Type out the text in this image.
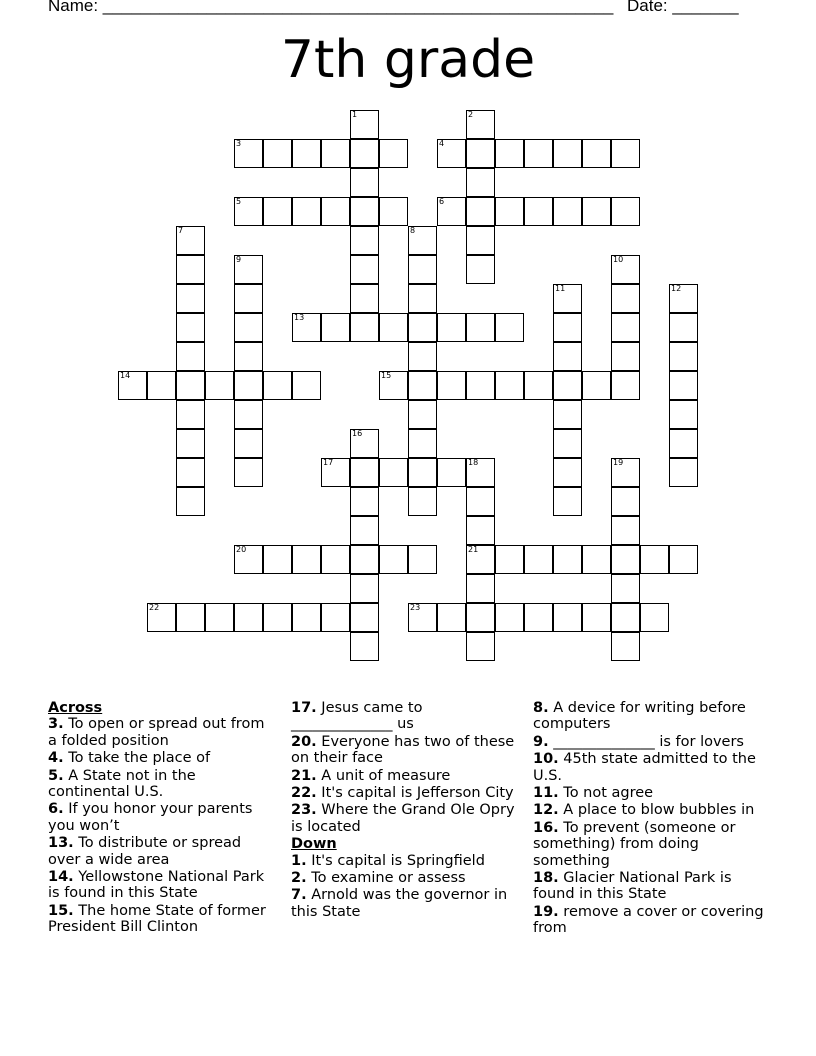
Name: ______________________________________________________ Date: _______
7th grade
1	2
3	4
5	6
7	8
9	10
11	12
13
14	15
16
17	18
21
19
20
22	23

Across

3. To open or spread out from a folded position

4. To take the place of

5. A State not in the continental U.S.

6. If you honor your parents you won’t

13. To distribute or spread over a wide area

14. Yellowstone National Park is found in this State

15. The home State of former President Bill Clinton

17. Jesus came to ______________ us

20. Everyone has two of these on their face

21. A unit of measure

22. It's capital is Jefferson City

23. Where the Grand Ole Opry is located

Down

1. It's capital is Springfield

2. To examine or assess

7. Arnold was the governor in this State

8. A device for writing before computers

9. ______________ is for lovers

10. 45th state admitted to the U.S.

11. To not agree

12. A place to blow bubbles in

16. To prevent (someone or something) from doing something

18. Glacier National Park is found in this State

19. remove a cover or covering from
